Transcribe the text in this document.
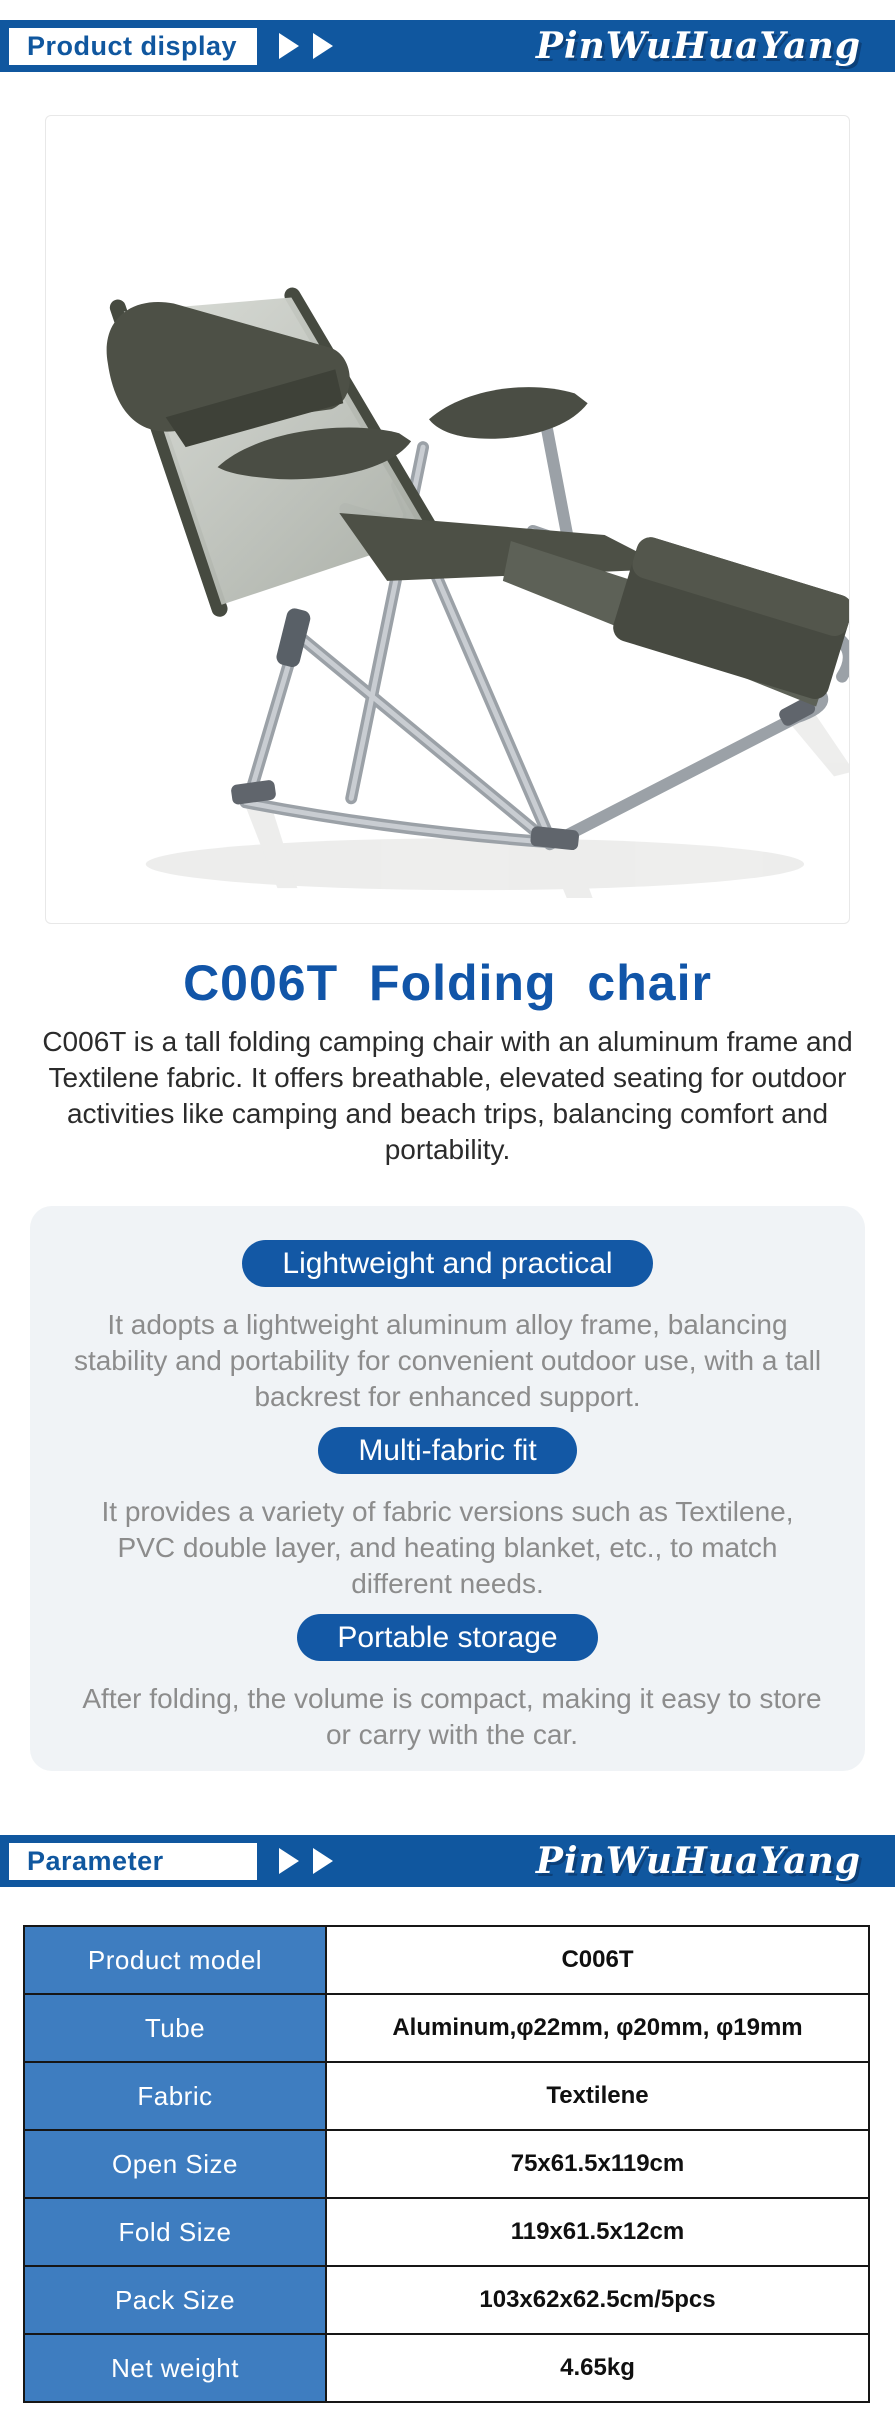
Product display	PinWuHuaYang
C006T Folding chair
C006T is a tall folding camping chair with an aluminum frame and Textilene fabric. It offers breathable, elevated seating for outdoor activities like camping and beach trips, balancing comfort and portability.
Lightweight and practical
It adopts a lightweight aluminum alloy frame, balancing stability and portability for convenient outdoor use, with a tall backrest for enhanced support.
Multi-fabric fit
It provides a variety of fabric versions such as Textilene, PVC double layer, and heating blanket, etc., to match different needs.
Portable storage
After folding, the volume is compact, making it easy to store or carry with the car.
Parameter	PinWuHuaYang
Product model	C006T
Tube	Aluminum,φ22mm, φ20mm, φ19mm
Fabric	Textilene
Open Size	75x61.5x119cm
Fold Size	119x61.5x12cm
Pack Size	103x62x62.5cm/5pcs
Net weight	4.65kg
